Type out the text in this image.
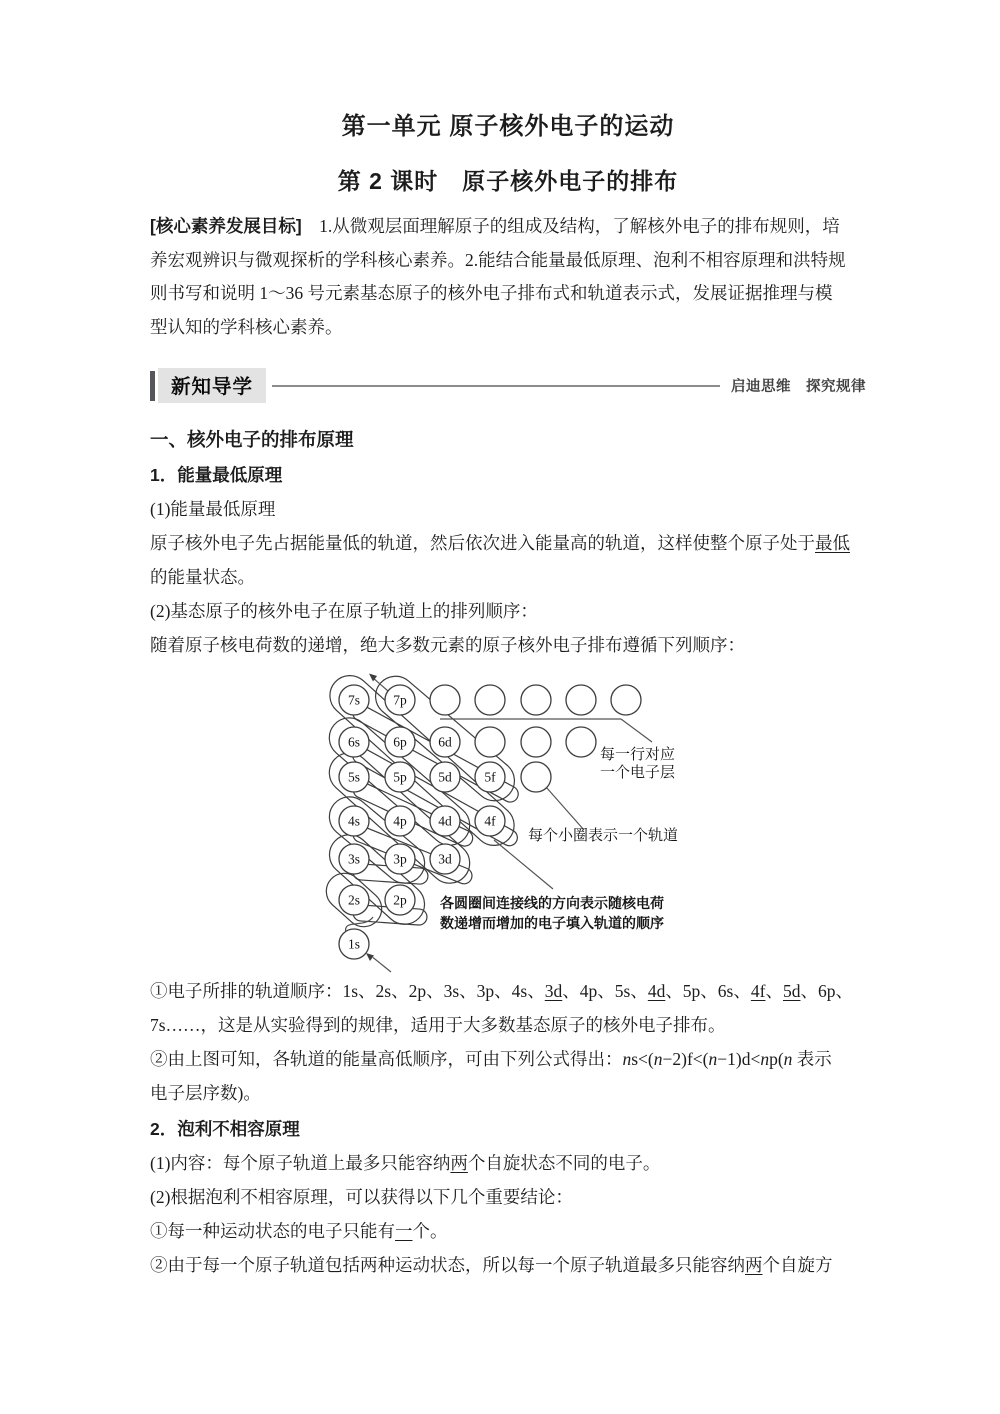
第一单元 原子核外电子的运动
第 2 课时　原子核外电子的排布
[核心素养发展目标]　1.从微观层面理解原子的组成及结构，了解核外电子的排布规则，培
养宏观辨识与微观探析的学科核心素养。2.能结合能量最低原理、泡利不相容原理和洪特规
则书写和说明 1～36 号元素基态原子的核外电子排布式和轨道表示式，发展证据推理与模
型认知的学科核心素养。
新知导学	启迪思维　探究规律
一、核外电子的排布原理
1．能量最低原理
(1)能量最低原理
原子核外电子先占据能量低的轨道，然后依次进入能量高的轨道，这样使整个原子处于最低
的能量状态。
(2)基态原子的核外电子在原子轨道上的排列顺序：
随着原子核电荷数的递增，绝大多数元素的原子核外电子排布遵循下列顺序：
7s 7p
6s 6p 6d
5s 5p 5d 5f
4s 4p 4d 4f
3s 3p 3d
2s 2p
1s
每一行对应
一个电子层
每个小圈表示一个轨道
各圆圈间连接线的方向表示随核电荷
数递增而增加的电子填入轨道的顺序
①电子所排的轨道顺序：1s、2s、2p、3s、3p、4s、3d、4p、5s、4d、5p、6s、4f、5d、6p、
7s……，这是从实验得到的规律，适用于大多数基态原子的核外电子排布。
②由上图可知，各轨道的能量高低顺序，可由下列公式得出：ns<(n−2)f<(n−1)d<np(n 表示
电子层序数)。
2．泡利不相容原理
(1)内容：每个原子轨道上最多只能容纳两个自旋状态不同的电子。
(2)根据泡利不相容原理，可以获得以下几个重要结论：
①每一种运动状态的电子只能有一个。
②由于每一个原子轨道包括两种运动状态，所以每一个原子轨道最多只能容纳两个自旋方
